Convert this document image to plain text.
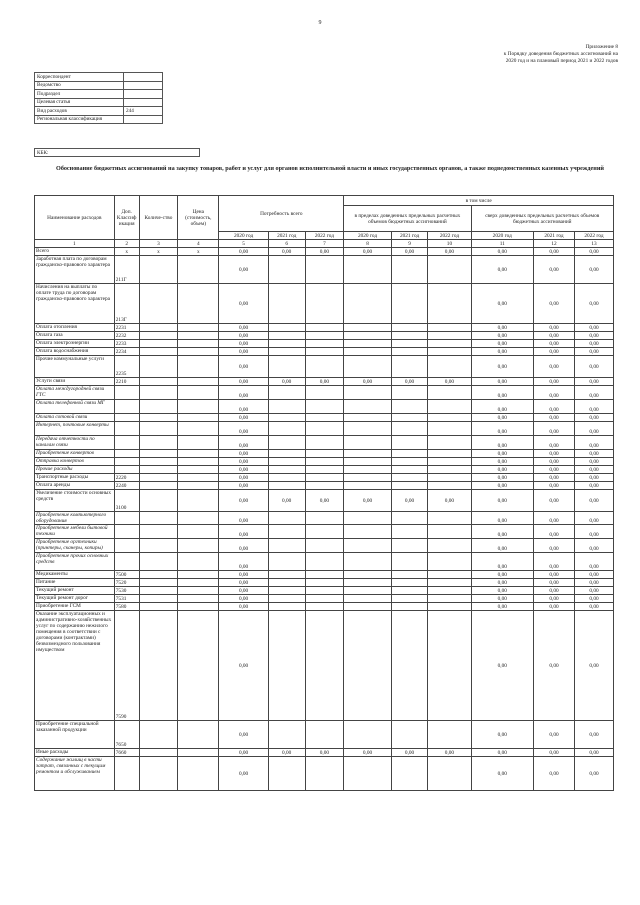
9
Приложение 8
к Порядку доведения бюджетных ассигнований на
2020 год и на плановый период 2021 и 2022 годов
Корреспондент	
Ведомство	
Подраздел	
Целевая статья	
Вид расходов	244
Региональная классификация	
КБК:
Обоснование бюджетных ассигнований на закупку товаров, работ и услуг для органов исполнительной власти и иных государственных органов, а также подведомственных казенных учреждений
Наименование расходов	Доп. Классиф икация	Количе-ство	Цена (стоимость, объем)	Потребность всего			в том числе					
							в пределах доведенных предельных расчетных объемов бюджетных ассигнований			сверх доведенных предельных расчетных объемов бюджетных ассигнований		

				2020 год	2021 год	2022 год	2020 год	2021 год	2022 год	2020 год	2021 год	2022 год
1	2	3	4	5	6	7	8	9	10	11	12	13
Всего	х	х	х	0,00	0,00	0,00	0,00	0,00	0,00	0,00	0,00	0,00
Заработная плата по договорам гражданско-правового характера	211Г			0,00						0,00	0,00	0,00
Начисления на выплаты по оплате труда по договорам гражданско-правового характера	213Г			0,00						0,00	0,00	0,00
Оплата отопления	2231			0,00						0,00	0,00	0,00
Оплата газа	2232			0,00						0,00	0,00	0,00
Оплата электроэнергии	2233			0,00						0,00	0,00	0,00
Оплата водоснабжения	2234			0,00						0,00	0,00	0,00
Прочие коммунальные услуги	2235			0,00						0,00	0,00	0,00
Услуги связи	2210			0,00	0,00	0,00	0,00	0,00	0,00	0,00	0,00	0,00
Оплата междугородней связи ГТС				0,00						0,00	0,00	0,00
Оплата телефонной связи МГ				0,00						0,00	0,00	0,00
Оплата сотовой связи				0,00						0,00	0,00	0,00
Интернет, почтовые конверты				0,00						0,00	0,00	0,00
Передача отчетности по каналам связи				0,00						0,00	0,00	0,00
Приобретение конвертов				0,00						0,00	0,00	0,00
Отправка конвертов				0,00						0,00	0,00	0,00
Прочие расходы				0,00						0,00	0,00	0,00
Транспортные расходы	2220			0,00						0,00	0,00	0,00
Оплата аренды	2240			0,00						0,00	0,00	0,00
Увеличение стоимости основных средств	3100			0,00	0,00	0,00	0,00	0,00	0,00	0,00	0,00	0,00
Приобретение компьютерного оборудования				0,00						0,00	0,00	0,00
Приобретение мебели бытовой техники				0,00						0,00	0,00	0,00
Приобретение оргтехники (принтеры, сканеры, копиры)				0,00						0,00	0,00	0,00
Приобретение прочих основных средств				0,00						0,00	0,00	0,00
Медикаменты	7500			0,00						0,00	0,00	0,00
Питание	7520			0,00						0,00	0,00	0,00
Текущий ремонт	7530			0,00						0,00	0,00	0,00
Текущий ремонт дорог	7531			0,00						0,00	0,00	0,00
Приобретение ГСМ	7580			0,00						0,00	0,00	0,00
Оказание эксплуатационных и административно-хозяйственных услуг по содержанию нежилого помещения в соответствии с договорами (контрактами) безвозмездного пользования имуществом	7590			0,00						0,00	0,00	0,00
Приобретение специальной заказанной продукции	7650			0,00						0,00	0,00	0,00
Иные расходы	7660			0,00	0,00	0,00	0,00	0,00	0,00	0,00	0,00	0,00
Содержание жилищ в части затрат, связанных с текущим ремонтом и обслуживанием				0,00						0,00	0,00	0,00
